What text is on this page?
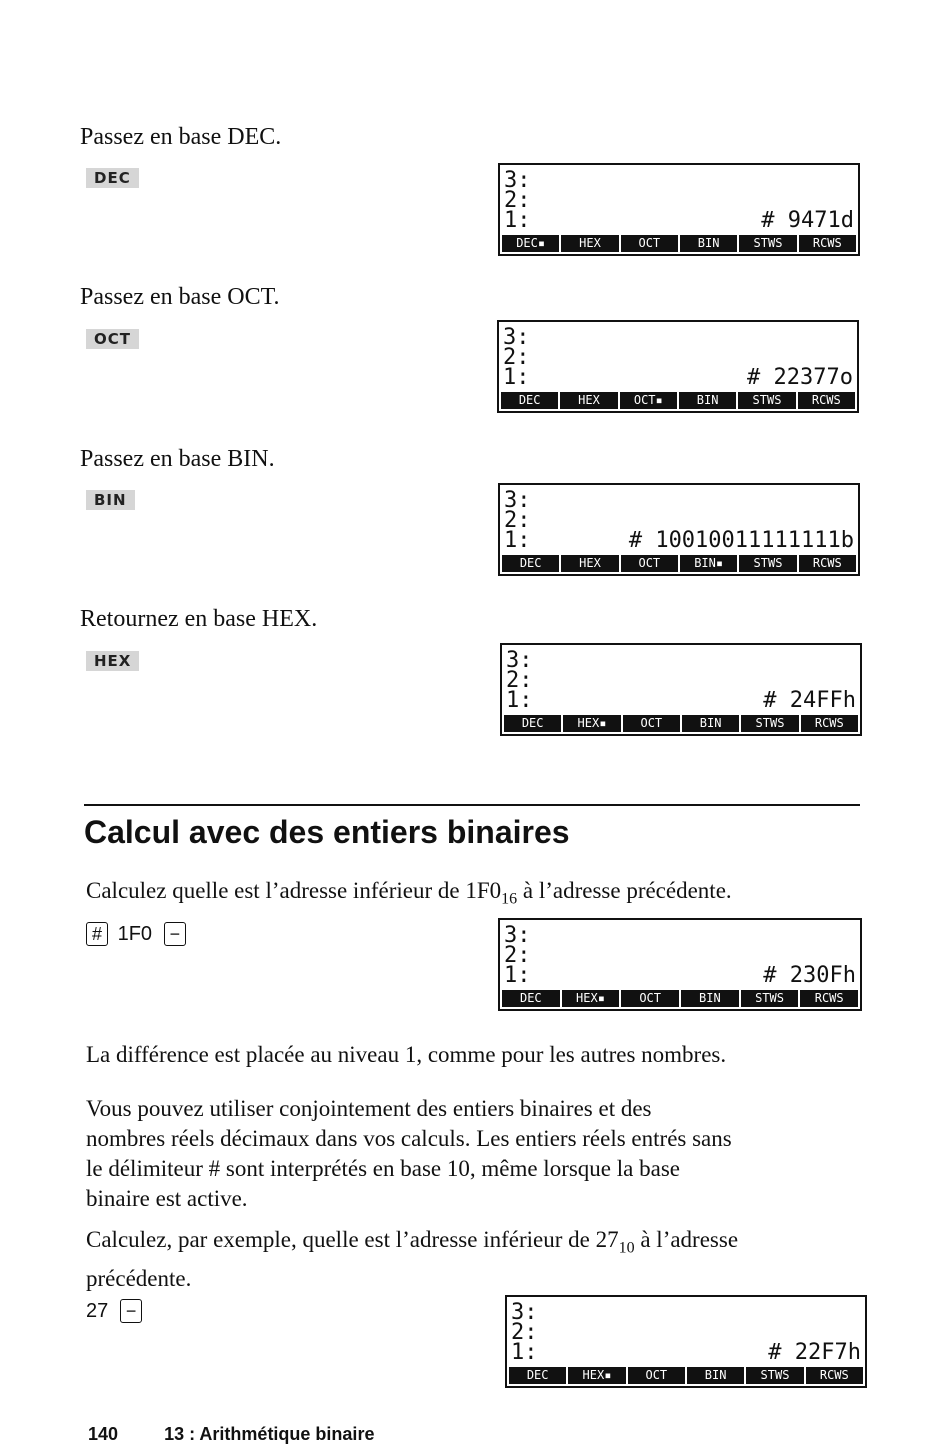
Passez en base DEC.
DEC	3:
2:
1:	# 9471d
DEC▪	HEX	OCT	BIN	STWS	RCWS
Passez en base OCT.
OCT	3:
2:
1:	# 22377o
DEC	HEX	OCT▪	BIN	STWS	RCWS
Passez en base BIN.
BIN	3:
2:
1:	# 10010011111111b
DEC	HEX	OCT	BIN▪	STWS	RCWS
Retournez en base HEX.
HEX	3:
2:
1:	# 24FFh
DEC	HEX▪	OCT	BIN	STWS	RCWS
Calcul avec des entiers binaires
Calculez quelle est l’adresse inférieur de $1F0_{16}$ à l’adresse précédente.
# 1F0 −	3:
2:
1:	# 230Fh
DEC	HEX▪	OCT	BIN	STWS	RCWS
La différence est placée au niveau 1, comme pour les autres nombres.
Vous pouvez utiliser conjointement des entiers binaires et des
nombres réels décimaux dans vos calculs. Les entiers réels entrés sans
le délimiteur # sont interprétés en base 10, même lorsque la base
binaire est active.
Calculez, par exemple, quelle est l’adresse inférieur de $27_{10}$ à l’adresse
précédente.
27 −	3:
2:
1:	# 22F7h
DEC	HEX▪	OCT	BIN	STWS	RCWS
140	13 : Arithmétique binaire
